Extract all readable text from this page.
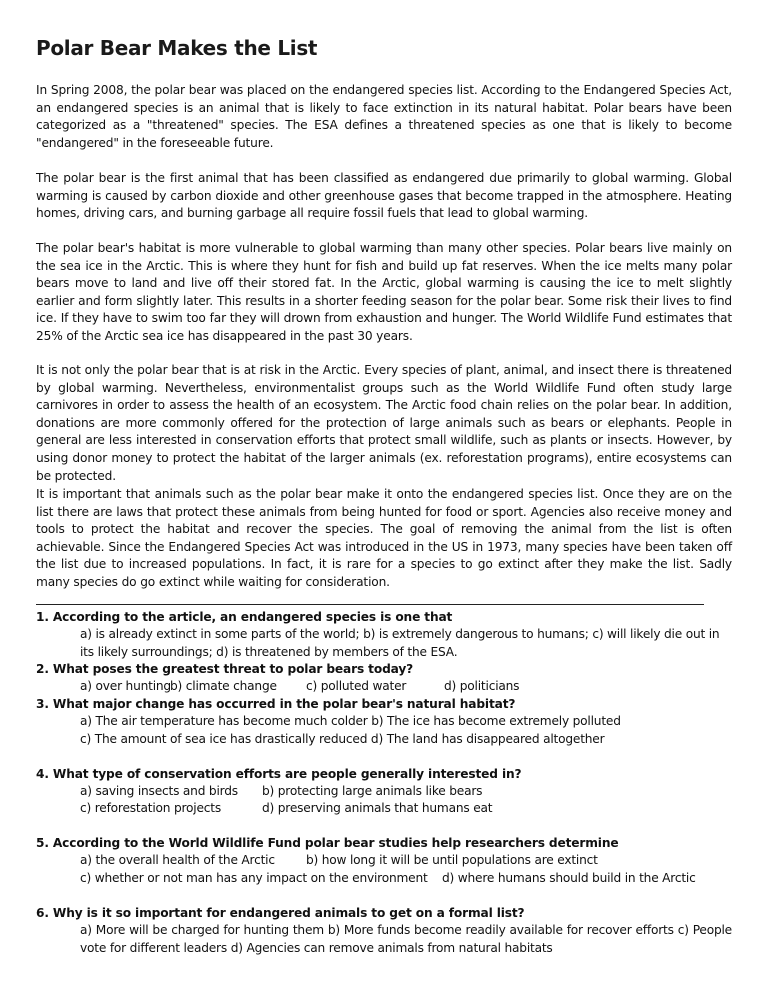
Polar Bear Makes the List

In Spring 2008, the polar bear was placed on the endangered species list. According to the Endangered Species Act, an endangered species is an animal that is likely to face extinction in its natural habitat. Polar bears have been categorized as a "threatened" species. The ESA defines a threatened species as one that is likely to become "endangered" in the foreseeable future.

The polar bear is the first animal that has been classified as endangered due primarily to global warming. Global warming is caused by carbon dioxide and other greenhouse gases that become trapped in the atmosphere. Heating homes, driving cars, and burning garbage all require fossil fuels that lead to global warming.

The polar bear's habitat is more vulnerable to global warming than many other species. Polar bears live mainly on the sea ice in the Arctic. This is where they hunt for fish and build up fat reserves. When the ice melts many polar bears move to land and live off their stored fat. In the Arctic, global warming is causing the ice to melt slightly earlier and form slightly later. This results in a shorter feeding season for the polar bear. Some risk their lives to find ice. If they have to swim too far they will drown from exhaustion and hunger. The World Wildlife Fund estimates that 25% of the Arctic sea ice has disappeared in the past 30 years.

It is not only the polar bear that is at risk in the Arctic. Every species of plant, animal, and insect there is threatened by global warming. Nevertheless, environmentalist groups such as the World Wildlife Fund often study large carnivores in order to assess the health of an ecosystem. The Arctic food chain relies on the polar bear. In addition, donations are more commonly offered for the protection of large animals such as bears or elephants. People in general are less interested in conservation efforts that protect small wildlife, such as plants or insects. However, by using donor money to protect the habitat of the larger animals (ex. reforestation programs), entire ecosystems can be protected.

It is important that animals such as the polar bear make it onto the endangered species list. Once they are on the list there are laws that protect these animals from being hunted for food or sport. Agencies also receive money and tools to protect the habitat and recover the species. The goal of removing the animal from the list is often achievable. Since the Endangered Species Act was introduced in the US in 1973, many species have been taken off the list due to increased populations. In fact, it is rare for a species to go extinct after they make the list. Sadly many species do go extinct while waiting for consideration.

1. According to the article, an endangered species is one that
a) is already extinct in some parts of the world; b) is extremely dangerous to humans; c) will likely die out in its likely surroundings; d) is threatened by members of the ESA.
2. What poses the greatest threat to polar bears today?
a) over hunting b) climate change c) polluted water	d) politicians
3. What major change has occurred in the polar bear's natural habitat?
a) The air temperature has become much colder b) The ice has become extremely polluted
c) The amount of sea ice has drastically reduced d) The land has disappeared altogether
4. What type of conservation efforts are people generally interested in?
a) saving insects and birds b) protecting large animals like bears
c) reforestation projects	d) preserving animals that humans eat
5. According to the World Wildlife Fund polar bear studies help researchers determine
a) the overall health of the Arctic	b) how long it will be until populations are extinct
c) whether or not man has any impact on the environment d) where humans should build in the Arctic
6. Why is it so important for endangered animals to get on a formal list?
a) More will be charged for hunting them b) More funds become readily available for recover efforts c) People vote for different leaders d) Agencies can remove animals from natural habitats
